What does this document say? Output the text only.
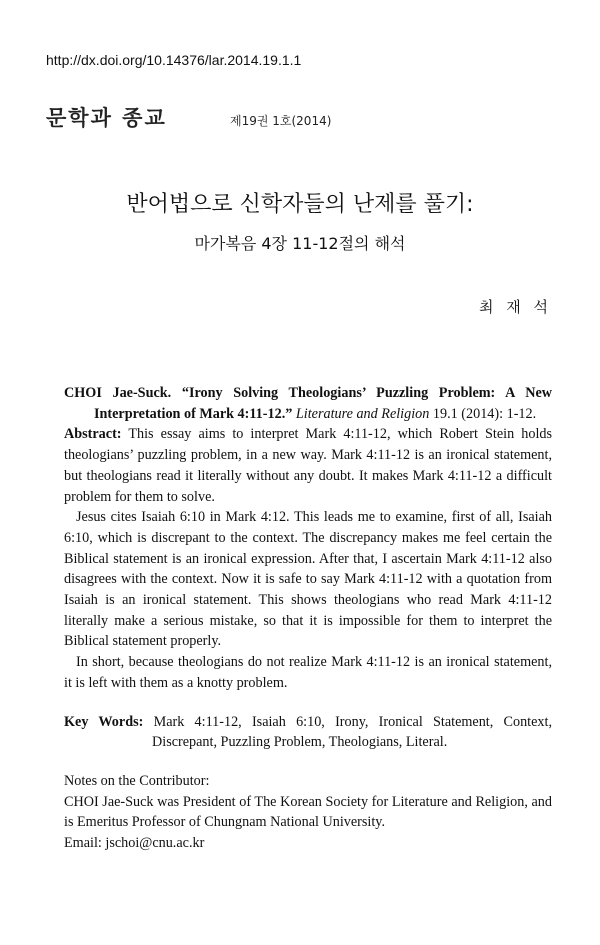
http://dx.doi.org/10.14376/lar.2014.19.1.1
문학과 종교	제19권 1호(2014)
반어법으로 신학자들의 난제를 풀기:
마가복음 4장 11-12절의 해석
최 재 석

CHOI Jae-Suck. “Irony Solving Theologians’ Puzzling Problem: A New Interpretation of Mark 4:11-12.” Literature and Religion 19.1 (2014): 1-12.

Abstract: This essay aims to interpret Mark 4:11-12, which Robert Stein holds theologians’ puzzling problem, in a new way. Mark 4:11-12 is an ironical statement, but theologians read it literally without any doubt. It makes Mark 4:11-12 a difficult problem for them to solve.

Jesus cites Isaiah 6:10 in Mark 4:12. This leads me to examine, first of all, Isaiah 6:10, which is discrepant to the context. The discrepancy makes me feel certain the Biblical statement is an ironical expression. After that, I ascertain Mark 4:11-12 also disagrees with the context. Now it is safe to say Mark 4:11-12 with a quotation from Isaiah is an ironical statement. This shows theologians who read Mark 4:11-12 literally make a serious mistake, so that it is impossible for them to interpret the Biblical statement properly.

In short, because theologians do not realize Mark 4:11-12 is an ironical statement, it is left with them as a knotty problem.

Key Words: Mark 4:11-12, Isaiah 6:10, Irony, Ironical Statement, Context, Discrepant, Puzzling Problem, Theologians, Literal.

Notes on the Contributor:

CHOI Jae-Suck was President of The Korean Society for Literature and Religion, and is Emeritus Professor of Chungnam National University.

Email: jschoi@cnu.ac.kr
